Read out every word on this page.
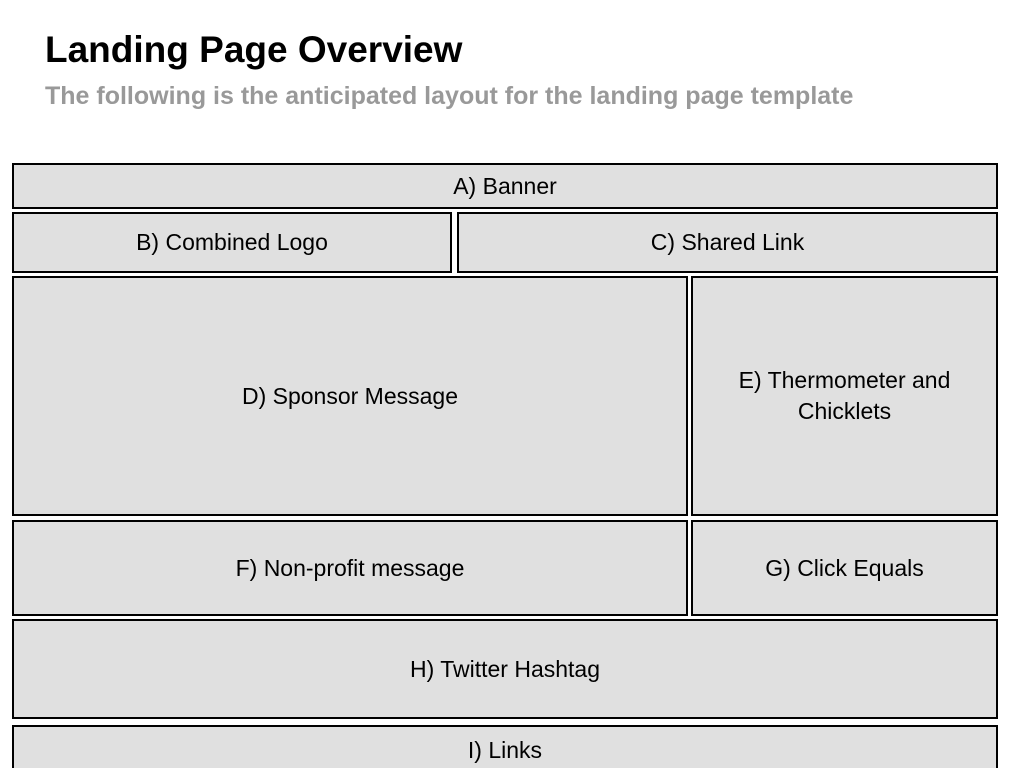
Landing Page Overview

The following is the anticipated layout for the landing page template

A) Banner
B) Combined Logo	C) Shared Link
D) Sponsor Message
E) Thermometer and Chicklets
F) Non-profit message	G) Click Equals
H) Twitter Hashtag
I) Links
